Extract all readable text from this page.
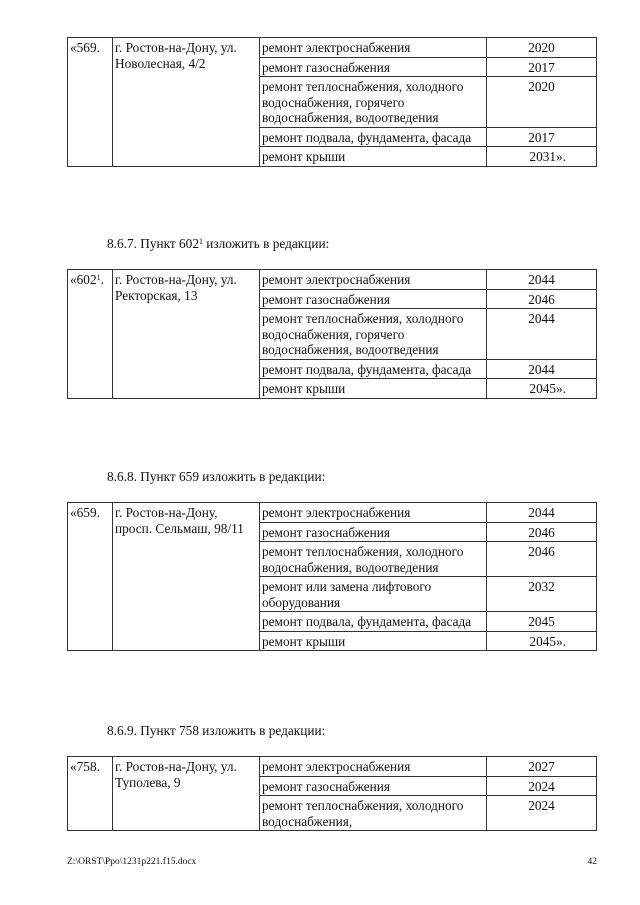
«569.	г. Ростов-на-Дону, ул. Новолесная, 4/2	ремонт электроснабжения	2020
		ремонт газоснабжения	2017
		ремонт теплоснабжения, холодного водоснабжения, горячего водоснабжения, водоотведения	2020
		ремонт подвала, фундамента, фасада	2017
		ремонт крыши	2031».
8.6.7. Пункт $602^1$ изложить в редакции:
«$602^1$.	г. Ростов-на-Дону, ул. Ректорская, 13	ремонт электроснабжения	2044
		ремонт газоснабжения	2046
		ремонт теплоснабжения, холодного водоснабжения, горячего водоснабжения, водоотведения	2044
		ремонт подвала, фундамента, фасада	2044
		ремонт крыши	2045».
8.6.8. Пункт 659 изложить в редакции:
«659.	г. Ростов-на-Дону, просп. Сельмаш, 98/11	ремонт электроснабжения	2044
		ремонт газоснабжения	2046
		ремонт теплоснабжения, холодного водоснабжения, водоотведения	2046
		ремонт или замена лифтового оборудования	2032
		ремонт подвала, фундамента, фасада	2045
		ремонт крыши	2045».
8.6.9. Пункт 758 изложить в редакции:
«758.	г. Ростов-на-Дону, ул. Туполева, 9	ремонт электроснабжения	2027
		ремонт газоснабжения	2024
		ремонт теплоснабжения, холодного водоснабжения,	2024
Z:\ORST\Ppo\1231p221.f15.docx	42
